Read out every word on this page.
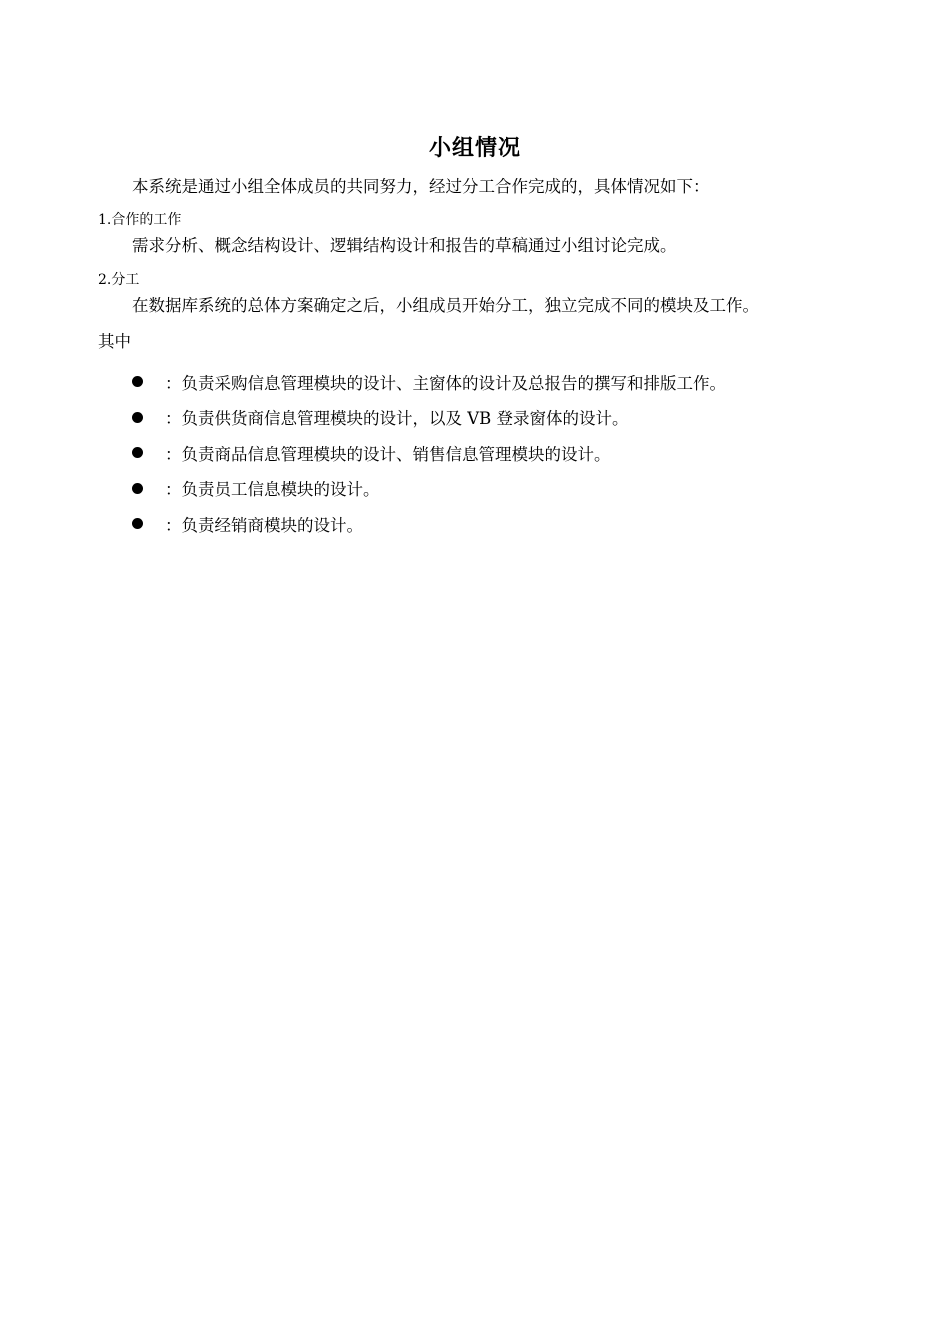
小组情况
本系统是通过小组全体成员的共同努力，经过分工合作完成的，具体情况如下：
1.合作的工作
需求分析、概念结构设计、逻辑结构设计和报告的草稿通过小组讨论完成。
2.分工
在数据库系统的总体方案确定之后，小组成员开始分工，独立完成不同的模块及工作。
其中
：负责采购信息管理模块的设计、主窗体的设计及总报告的撰写和排版工作。
：负责供货商信息管理模块的设计，以及 VB 登录窗体的设计。
：负责商品信息管理模块的设计、销售信息管理模块的设计。
：负责员工信息模块的设计。
：负责经销商模块的设计。
